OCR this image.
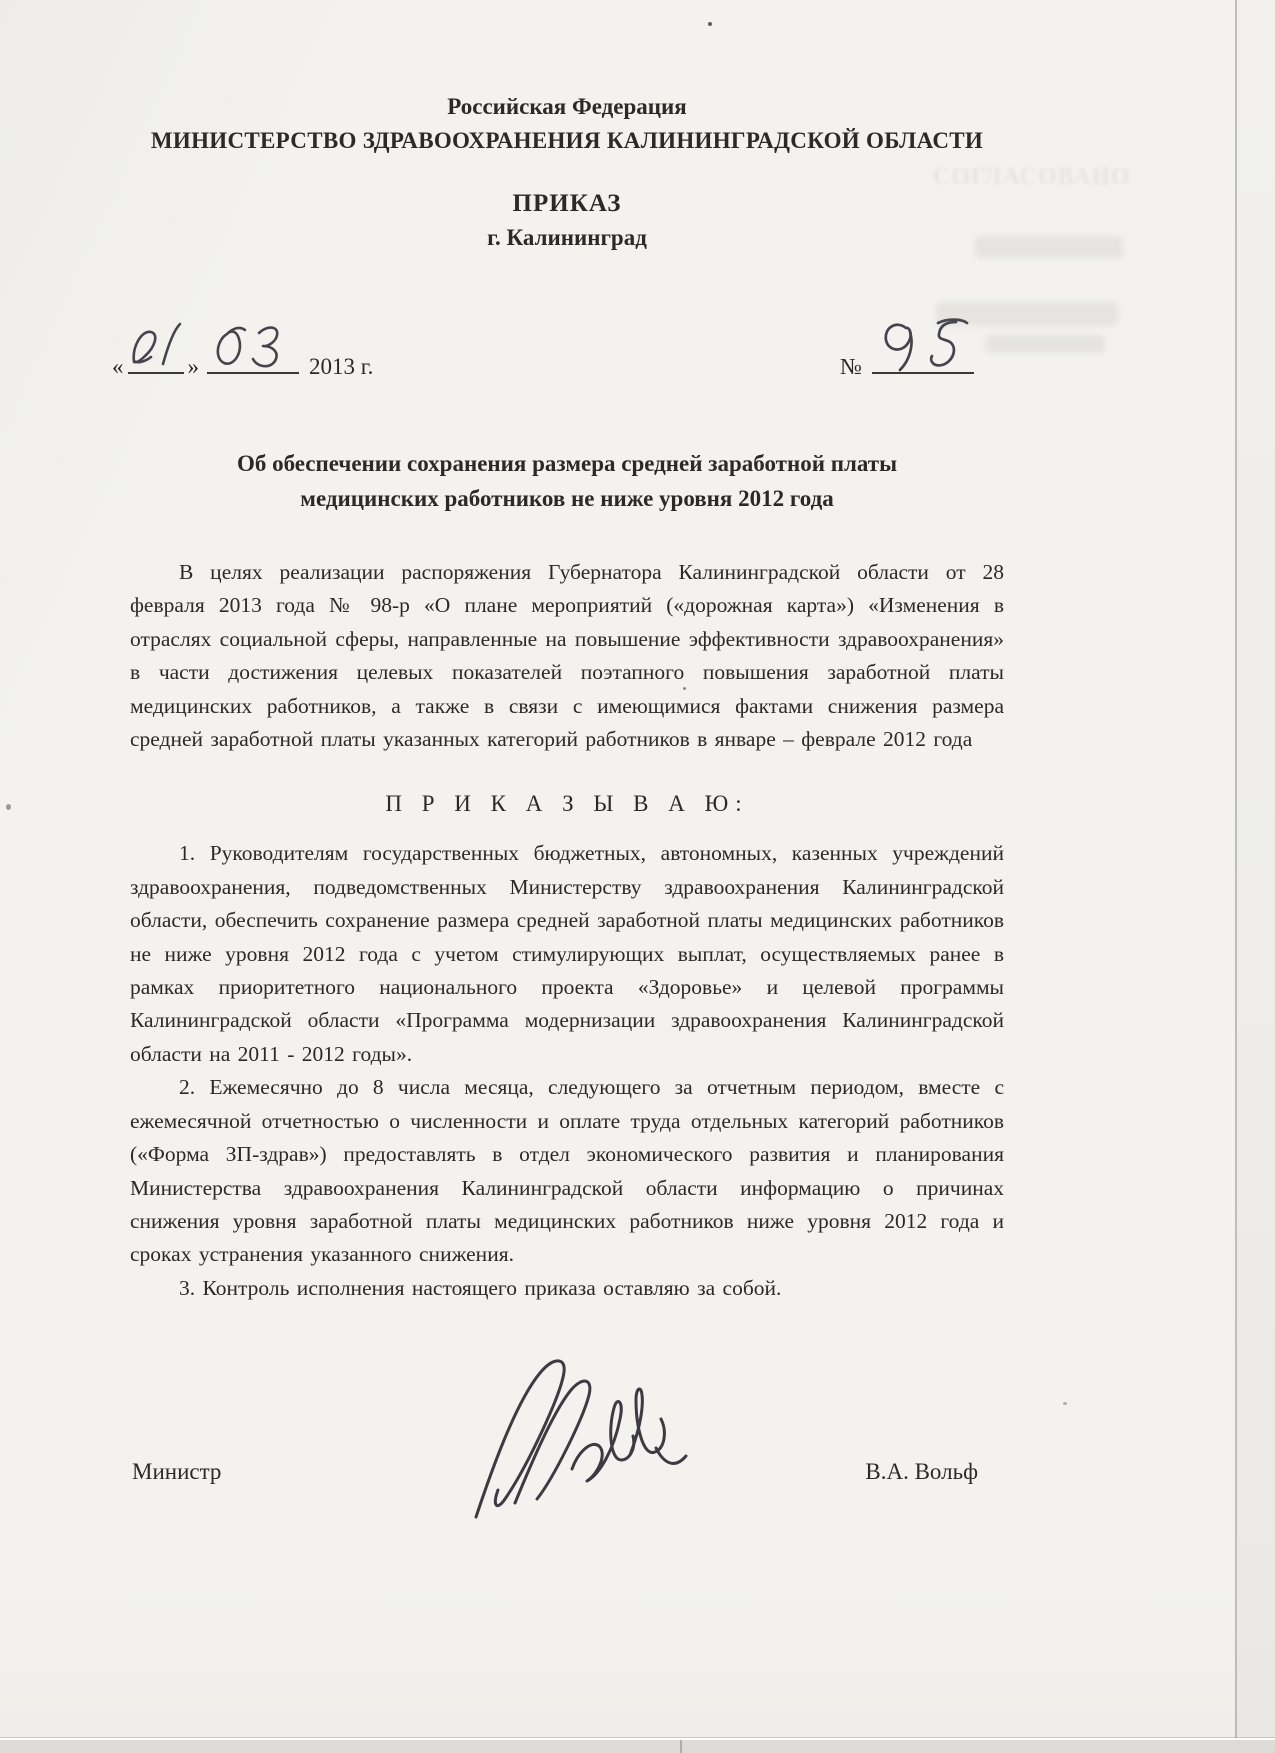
Российская Федерация
МИНИСТЕРСТВО ЗДРАВООХРАНЕНИЯ КАЛИНИНГРАДСКОЙ ОБЛАСТИ
ПРИКАЗ
г. Калининград
«	»	2013 г.	№
Об обеспечении сохранения размера средней заработной платы
медицинских работников не ниже уровня 2012 года

В целях реализации распоряжения Губернатора Калининградской области от 28 февраля 2013 года № 98-р «О плане мероприятий («дорожная карта») «Изменения в отраслях социальной сферы, направленные на повышение эффективности здравоохранения» в части достижения целевых показателей поэтапного повышения заработной платы медицинских работников, а также в связи с имеющимися фактами снижения размера средней заработной платы указанных категорий работников в январе – феврале 2012 года

П Р И К А З Ы В А Ю:

1. Руководителям государственных бюджетных, автономных, казенных учреждений здравоохранения, подведомственных Министерству здравоохранения Калининградской области, обеспечить сохранение размера средней заработной платы медицинских работников не ниже уровня 2012 года с учетом стимулирующих выплат, осуществляемых ранее в рамках приоритетного национального проекта «Здоровье» и целевой программы Калининградской области «Программа модернизации здравоохранения Калининградской области на 2011 - 2012 годы».

2. Ежемесячно до 8 числа месяца, следующего за отчетным периодом, вместе с ежемесячной отчетностью о численности и оплате труда отдельных категорий работников («Форма ЗП-здрав») предоставлять в отдел экономического развития и планирования Министерства здравоохранения Калининградской области информацию о причинах снижения уровня заработной платы медицинских работников ниже уровня 2012 года и сроках устранения указанного снижения.

3. Контроль исполнения настоящего приказа оставляю за собой.

Министр	В.А. Вольф
СОГЛАСОВАНО
